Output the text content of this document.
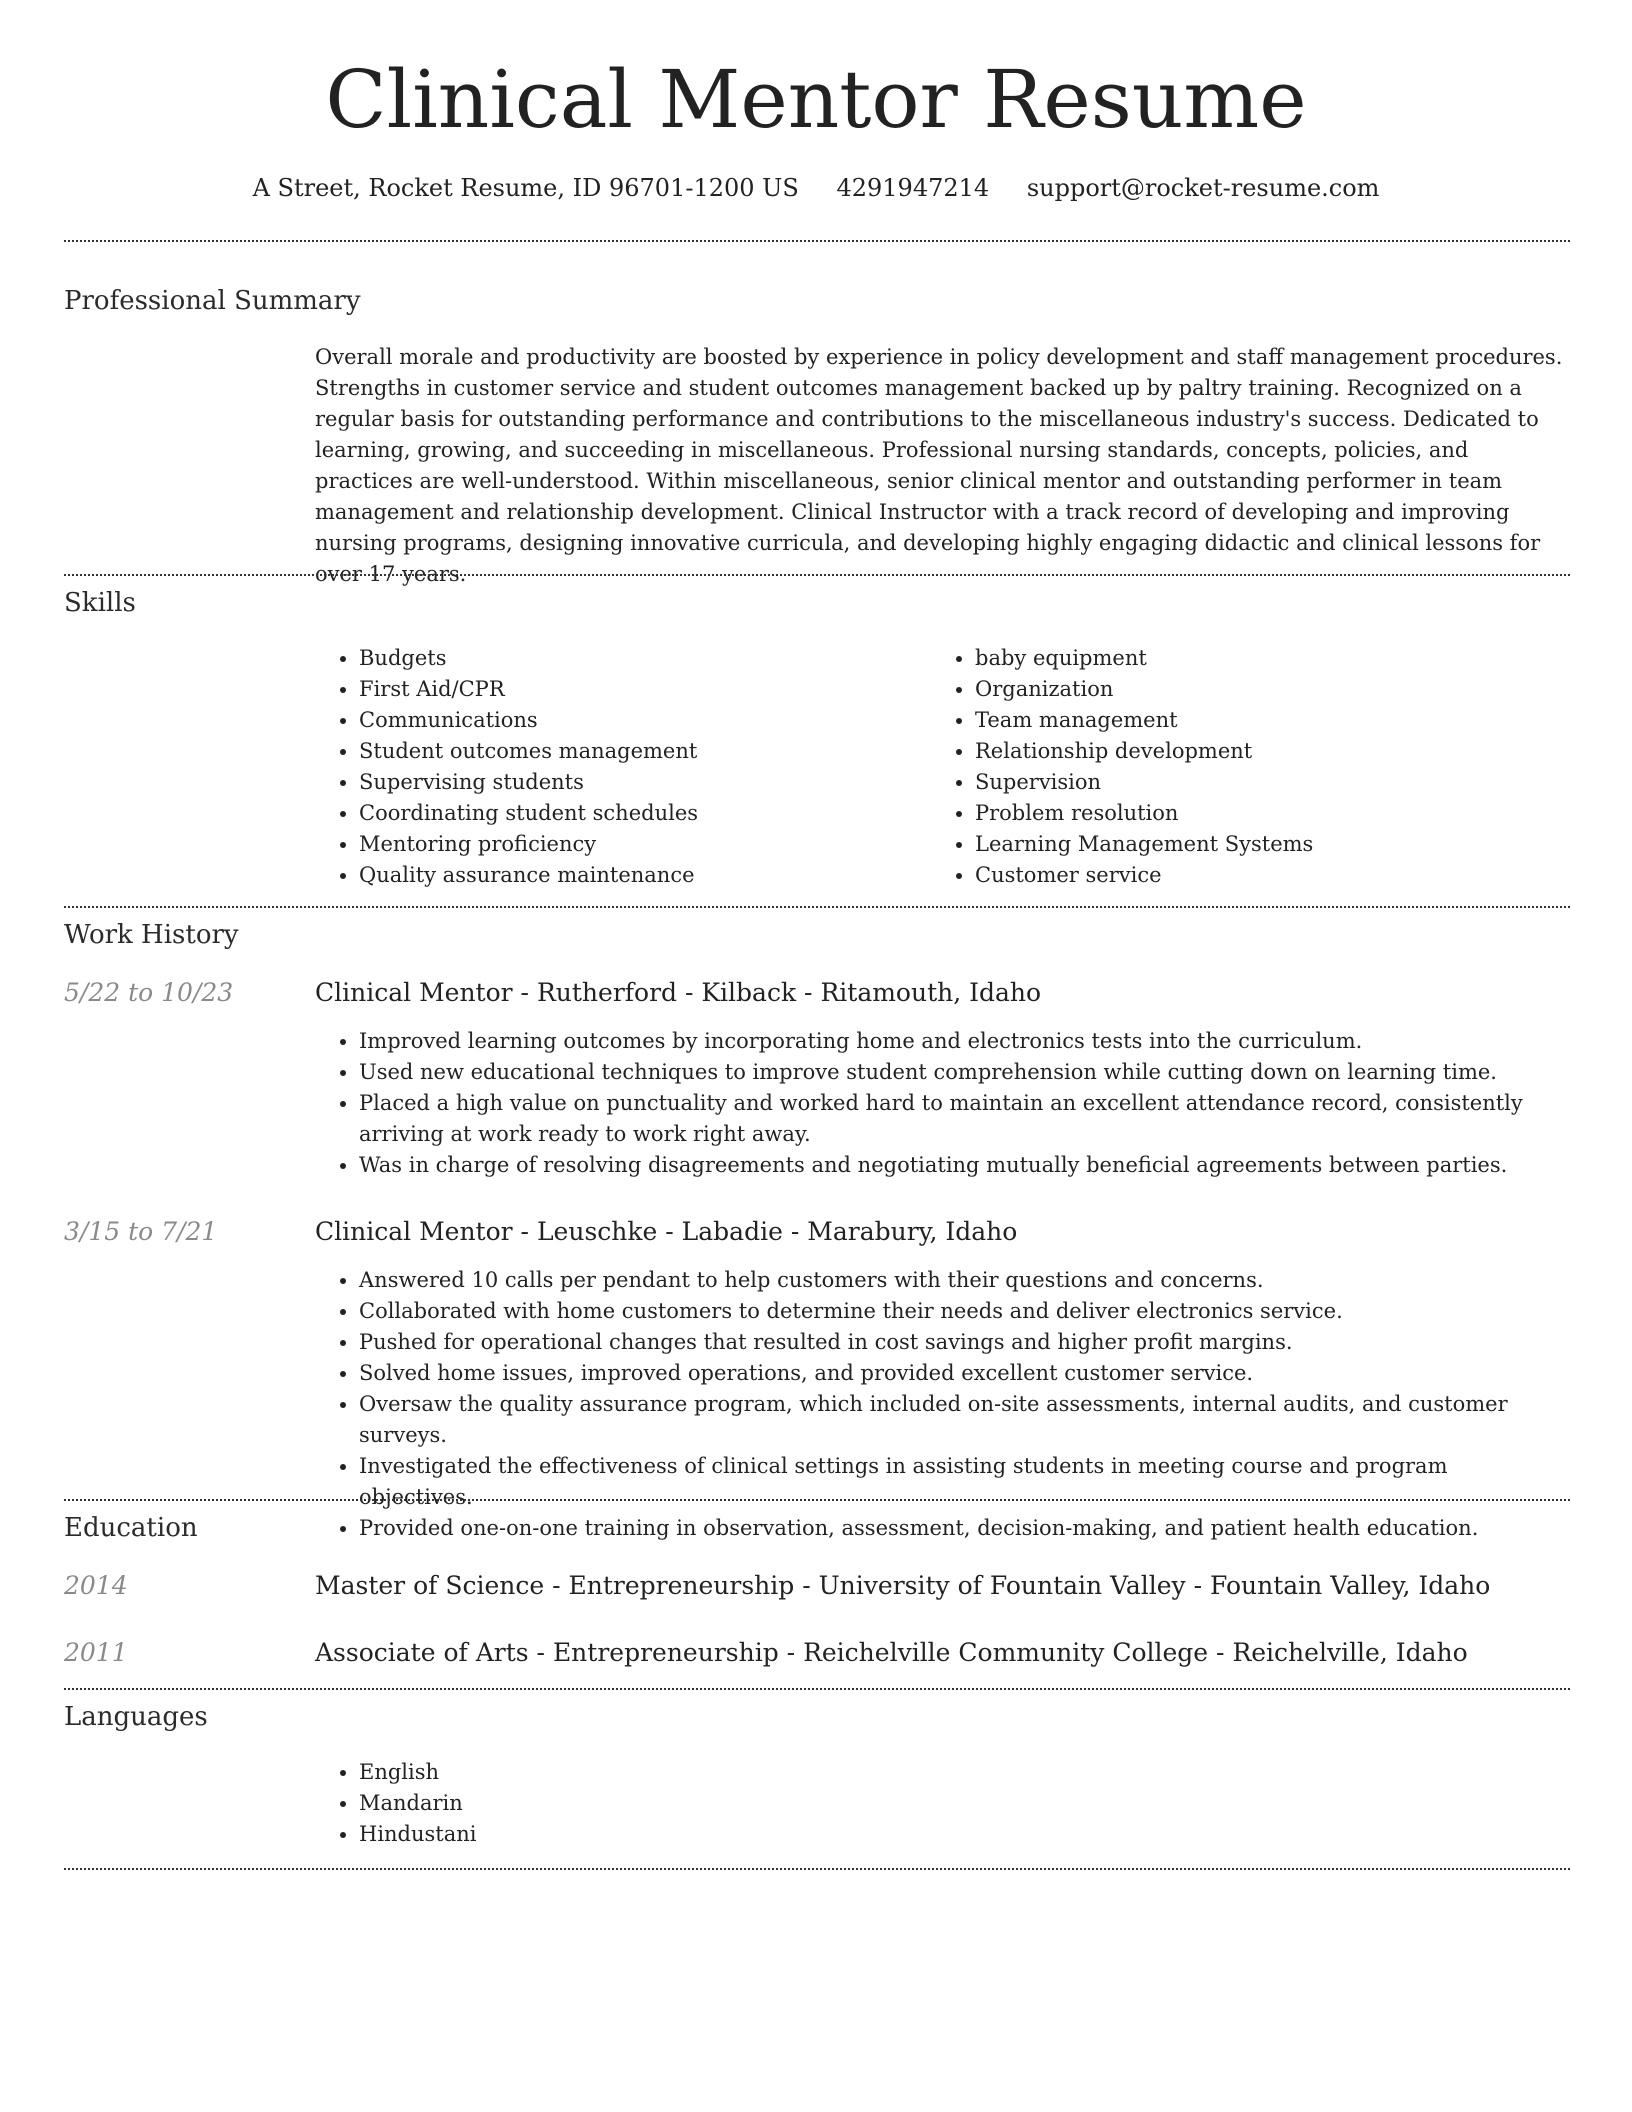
Clinical Mentor Resume
A Street, Rocket Resume, ID 96701-1200 US 4291947214 support@rocket-resume.com
Professional Summary
Overall morale and productivity are boosted by experience in policy development and staff management procedures. Strengths in customer service and student outcomes management backed up by paltry training. Recognized on a regular basis for outstanding performance and contributions to the miscellaneous industry's success. Dedicated to learning, growing, and succeeding in miscellaneous. Professional nursing standards, concepts, policies, and practices are well-understood. Within miscellaneous, senior clinical mentor and outstanding performer in team management and relationship development. Clinical Instructor with a track record of developing and improving nursing programs, designing innovative curricula, and developing highly engaging didactic and clinical lessons for over 17 years.
Skills
• Budgets
• First Aid/CPR
• Communications
• Student outcomes management
• Supervising students
• Coordinating student schedules
• Mentoring proficiency
• Quality assurance maintenance
• baby equipment
• Organization
• Team management
• Relationship development
• Supervision
• Problem resolution
• Learning Management Systems
• Customer service
Work History
5/22 to 10/23	Clinical Mentor - Rutherford - Kilback - Ritamouth, Idaho
• Improved learning outcomes by incorporating home and electronics tests into the curriculum.
• Used new educational techniques to improve student comprehension while cutting down on learning time.
• Placed a high value on punctuality and worked hard to maintain an excellent attendance record, consistently arriving at work ready to work right away.
• Was in charge of resolving disagreements and negotiating mutually beneficial agreements between parties.
3/15 to 7/21	Clinical Mentor - Leuschke - Labadie - Marabury, Idaho
• Answered 10 calls per pendant to help customers with their questions and concerns.
• Collaborated with home customers to determine their needs and deliver electronics service.
• Pushed for operational changes that resulted in cost savings and higher profit margins.
• Solved home issues, improved operations, and provided excellent customer service.
• Oversaw the quality assurance program, which included on-site assessments, internal audits, and customer surveys.
• Investigated the effectiveness of clinical settings in assisting students in meeting course and program objectives.
• Provided one-on-one training in observation, assessment, decision-making, and patient health education.
Education
2014	Master of Science - Entrepreneurship - University of Fountain Valley - Fountain Valley, Idaho
2011	Associate of Arts - Entrepreneurship - Reichelville Community College - Reichelville, Idaho
Languages
• English
• Mandarin
• Hindustani
